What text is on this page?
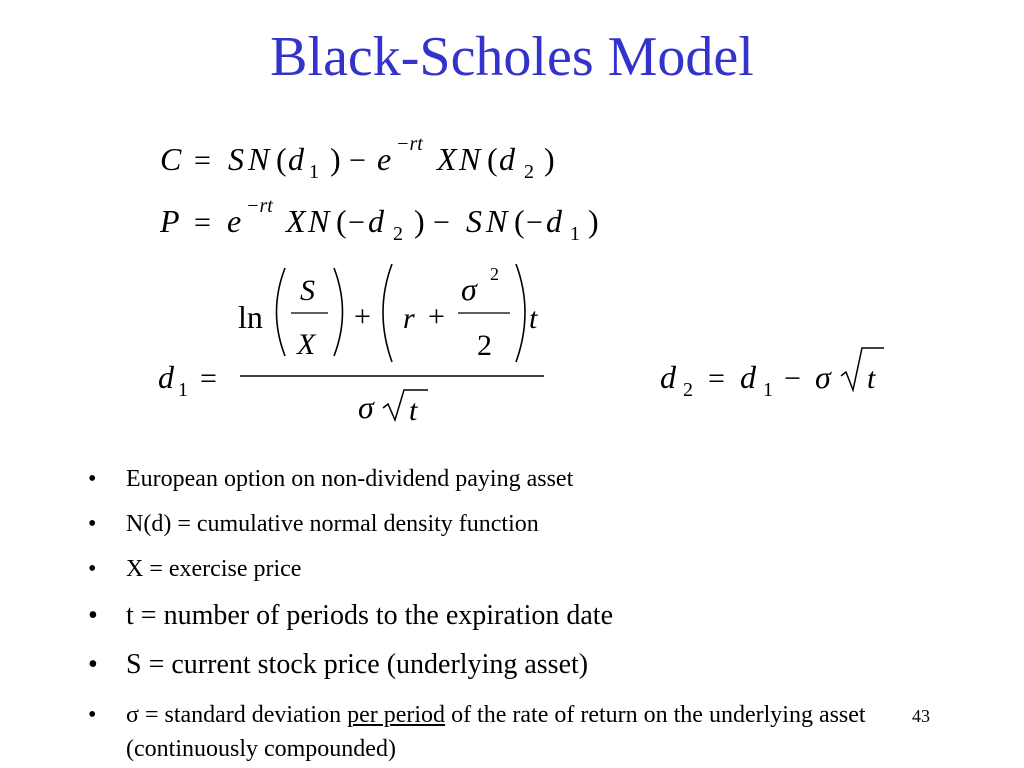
Black-Scholes Model
C = S N ( d 1 ) − e −rt X N ( d 2 )
P = e −rt X N ( − d 2 ) − S N ( − d 1 )
d 1 =
ln
S
X
+ r +
σ 2
2
t
σ t
d 2 = d 1 − σ t
•	European option on non-dividend paying asset
•	N(d) = cumulative normal density function
•	X = exercise price
•	t = number of periods to the expiration date
•	S = current stock price (underlying asset)
•	σ = standard deviation per period of the rate of return on the underlying asset (continuously compounded)
43
